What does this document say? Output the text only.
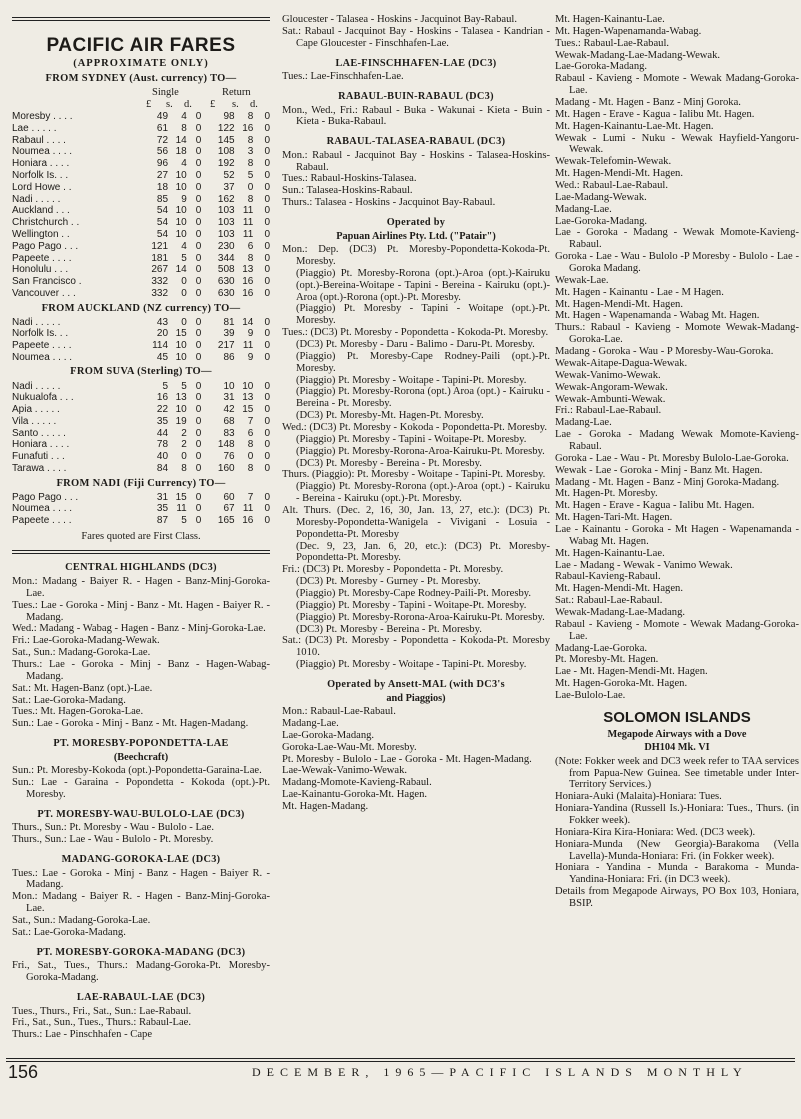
PACIFIC AIR FARES
(APPROXIMATE ONLY)
FROM SYDNEY (Aust. currency) TO—
Single	Return
£ s. d. £ s. d.
Moresby . . . .	49	4	0	98	8	0
Lae . . . . .	61	8	0	122	16	0
Rabaul . . . .	72	14	0	145	8	0
Noumea . . . .	56	18	0	108	3	0
Honiara . . . .	96	4	0	192	8	0
Norfolk Is. . .	27	10	0	52	5	0
Lord Howe . .	18	10	0	37	0	0
Nadi . . . . .	85	9	0	162	8	0
Auckland . . .	54	10	0	103	11	0
Christchurch . .	54	10	0	103	11	0
Wellington . .	54	10	0	103	11	0
Pago Pago . . .	121	4	0	230	6	0
Papeete . . . .	181	5	0	344	8	0
Honolulu . . .	267	14	0	508	13	0
San Francisco .	332	0	0	630	16	0
Vancouver . . .	332	0	0	630	16	0
FROM AUCKLAND (NZ currency) TO—
Nadi . . . . .	43	0	0	81	14	0
Norfolk Is. . .	20	15	0	39	9	0
Papeete . . . .	114	10	0	217	11	0
Noumea . . . .	45	10	0	86	9	0
FROM SUVA (Sterling) TO—
Nadi . . . . .	5	5	0	10	10	0
Nukualofa . . .	16	13	0	31	13	0
Apia . . . . .	22	10	0	42	15	0
Vila . . . . .	35	19	0	68	7	0
Santo . . . . .	44	2	0	83	6	0
Honiara . . . .	78	2	0	148	8	0
Funafuti . . .	40	0	0	76	0	0
Tarawa . . . .	84	8	0	160	8	0
FROM NADI (Fiji Currency) TO—
Pago Pago . . .	31	15	0	60	7	0
Noumea . . . .	35	11	0	67	11	0
Papeete . . . .	87	5	0	165	16	0
Fares quoted are First Class.
CENTRAL HIGHLANDS (DC3)
Mon.: Madang - Baiyer R. - Hagen - Banz-Minj-Goroka-Lae.
Tues.: Lae - Goroka - Minj - Banz - Mt. Hagen - Baiyer R. - Madang.
Wed.: Madang - Wabag - Hagen - Banz - Minj-Goroka-Lae.
Fri.: Lae-Goroka-Madang-Wewak.
Sat., Sun.: Madang-Goroka-Lae.
Thurs.: Lae - Goroka - Minj - Banz - Hagen-Wabag-Madang.
Sat.: Mt. Hagen-Banz (opt.)-Lae.
Sat.: Lae-Goroka-Madang.
Tues.: Mt. Hagen-Goroka-Lae.
Sun.: Lae - Goroka - Minj - Banz - Mt. Hagen-Madang.
PT. MORESBY-POPONDETTA-LAE
(Beechcraft)
Sun.: Pt. Moresby-Kokoda (opt.)-Popondetta-Garaina-Lae.
Sun.: Lae - Garaina - Popondetta - Kokoda (opt.)-Pt. Moresby.
PT. MORESBY-WAU-BULOLO-LAE (DC3)
Thurs., Sun.: Pt. Moresby - Wau - Bulolo - Lae.
Thurs., Sun.: Lae - Wau - Bulolo - Pt. Moresby.
MADANG-GOROKA-LAE (DC3)
Tues.: Lae - Goroka - Minj - Banz - Hagen - Baiyer R. - Madang.
Mon.: Madang - Baiyer R. - Hagen - Banz-Minj-Goroka-Lae.
Sat., Sun.: Madang-Goroka-Lae.
Sat.: Lae-Goroka-Madang.
PT. MORESBY-GOROKA-MADANG (DC3)
Fri., Sat., Tues., Thurs.: Madang-Goroka-Pt. Moresby-Goroka-Madang.
LAE-RABAUL-LAE (DC3)
Tues., Thurs., Fri., Sat., Sun.: Lae-Rabaul.
Fri., Sat., Sun., Tues., Thurs.: Rabaul-Lae.
Thurs.: Lae - Pinschhafen - Cape
Gloucester - Talasea - Hoskins - Jacquinot Bay-Rabaul.
Sat.: Rabaul - Jacquinot Bay - Hoskins - Talasea - Kandrian - Cape Gloucester - Finschhafen-Lae.
LAE-FINSCHHAFEN-LAE (DC3)
Tues.: Lae-Finschhafen-Lae.
RABAUL-BUIN-RABAUL (DC3)
Mon., Wed., Fri.: Rabaul - Buka - Wakunai - Kieta - Buin - Kieta - Buka-Rabaul.
RABAUL-TALASEA-RABAUL (DC3)
Mon.: Rabaul - Jacquinot Bay - Hoskins - Talasea-Hoskins-Rabaul.
Tues.: Rabaul-Hoskins-Talasea.
Sun.: Talasea-Hoskins-Rabaul.
Thurs.: Talasea - Hoskins - Jacquinot Bay-Rabaul.
Operated by
Papuan Airlines Pty. Ltd. ("Patair")
Mon.: Dep. (DC3) Pt. Moresby-Popondetta-Kokoda-Pt. Moresby.
(Piaggio) Pt. Moresby-Rorona (opt.)-Aroa (opt.)-Kairuku (opt.)-Bereina-Woitape - Tapini - Bereina - Kairuku (opt.)-Aroa (opt.)-Rorona (opt.)-Pt. Moresby.
(Piaggio) Pt. Moresby - Tapini - Woitape (opt.)-Pt. Moresby.
Tues.: (DC3) Pt. Moresby - Popondetta - Kokoda-Pt. Moresby.
(DC3) Pt. Moresby - Daru - Balimo - Daru-Pt. Moresby.
(Piaggio) Pt. Moresby-Cape Rodney-Paili (opt.)-Pt. Moresby.
(Piaggio) Pt. Moresby - Woitape - Tapini-Pt. Moresby.
(Piaggio) Pt. Moresby-Rorona (opt.) Aroa (opt.) - Kairuku - Bereina - Pt. Moresby.
(DC3) Pt. Moresby-Mt. Hagen-Pt. Moresby.
Wed.: (DC3) Pt. Moresby - Kokoda - Popondetta-Pt. Moresby.
(Piaggio) Pt. Moresby - Tapini - Woitape-Pt. Moresby.
(Piaggio) Pt. Moresby-Rorona-Aroa-Kairuku-Pt. Moresby.
(DC3) Pt. Moresby - Bereina - Pt. Moresby.
Thurs. (Piaggio): Pt. Moresby - Woitape - Tapini-Pt. Moresby.
(Piaggio) Pt. Moresby-Rorona (opt.)-Aroa (opt.) - Kairuku - Bereina - Kairuku (opt.)-Pt. Moresby.
Alt. Thurs. (Dec. 2, 16, 30, Jan. 13, 27, etc.): (DC3) Pt. Moresby-Popondetta-Wanigela - Vivigani - Losuia - Popondetta-Pt. Moresby
(Dec. 9, 23, Jan. 6, 20, etc.): (DC3) Pt. Moresby-Popondetta-Pt. Moresby.
Fri.: (DC3) Pt. Moresby - Popondetta - Pt. Moresby.
(DC3) Pt. Moresby - Gurney - Pt. Moresby.
(Piaggio) Pt. Moresby-Cape Rodney-Paili-Pt. Moresby.
(Piaggio) Pt. Moresby - Tapini - Woitape-Pt. Moresby.
(Piaggio) Pt. Moresby-Rorona-Aroa-Kairuku-Pt. Moresby.
(DC3) Pt. Moresby - Bereina - Pt. Moresby.
Sat.: (DC3) Pt. Moresby - Popondetta - Kokoda-Pt. Moresby 1010.
(Piaggio) Pt. Moresby - Woitape - Tapini-Pt. Moresby.
Operated by Ansett-MAL (with DC3's
and Piaggios)
Mon.: Rabaul-Lae-Rabaul.
Madang-Lae.
Lae-Goroka-Madang.
Goroka-Lae-Wau-Mt. Moresby.
Pt. Moresby - Bulolo - Lae - Goroka - Mt. Hagen-Madang.
Lae-Wewak-Vanimo-Wewak.
Madang-Momote-Kavieng-Rabaul.
Lae-Kainantu-Goroka-Mt. Hagen.
Mt. Hagen-Madang.
Mt. Hagen-Kainantu-Lae.
Mt. Hagen-Wapenamanda-Wabag.
Tues.: Rabaul-Lae-Rabaul.
Wewak-Madang-Lae-Madang-Wewak.
Lae-Goroka-Madang.
Rabaul - Kavieng - Momote - Wewak Madang-Goroka-Lae.
Madang - Mt. Hagen - Banz - Minj Goroka.
Mt. Hagen - Erave - Kagua - Ialibu Mt. Hagen.
Mt. Hagen-Kainantu-Lae-Mt. Hagen.
Wewak - Lumi - Nuku - Wewak Hayfield-Yangoru-Wewak.
Wewak-Telefomin-Wewak.
Mt. Hagen-Mendi-Mt. Hagen.
Wed.: Rabaul-Lae-Rabaul.
Lae-Madang-Wewak.
Madang-Lae.
Lae-Goroka-Madang.
Lae - Goroka - Madang - Wewak Momote-Kavieng-Rabaul.
Goroka - Lae - Wau - Bulolo -P Moresby - Bulolo - Lae - Goroka Madang.
Wewak-Lae.
Mt. Hagen - Kainantu - Lae - M Hagen.
Mt. Hagen-Mendi-Mt. Hagen.
Mt. Hagen - Wapenamanda - Wabag Mt. Hagen.
Thurs.: Rabaul - Kavieng - Momote Wewak-Madang-Goroka-Lae.
Madang - Goroka - Wau - P Moresby-Wau-Goroka.
Wewak-Aitape-Dagua-Wewak.
Wewak-Vanimo-Wewak.
Wewak-Angoram-Wewak.
Wewak-Ambunti-Wewak.
Fri.: Rabaul-Lae-Rabaul.
Madang-Lae.
Lae - Goroka - Madang Wewak Momote-Kavieng-Rabaul.
Goroka - Lae - Wau - Pt. Moresby Bulolo-Lae-Goroka.
Wewak - Lae - Goroka - Minj - Banz Mt. Hagen.
Madang - Mt. Hagen - Banz - Minj Goroka-Madang.
Mt. Hagen-Pt. Moresby.
Mt. Hagen - Erave - Kagua - Ialibu Mt. Hagen.
Mt. Hagen-Tari-Mt. Hagen.
Lae - Kainantu - Goroka - Mt Hagen - Wapenamanda - Wabag Mt. Hagen.
Mt. Hagen-Kainantu-Lae.
Lae - Madang - Wewak - Vanimo Wewak.
Rabaul-Kavieng-Rabaul.
Mt. Hagen-Mendi-Mt. Hagen.
Sat.: Rabaul-Lae-Rabaul.
Wewak-Madang-Lae-Madang.
Rabaul - Kavieng - Momote - Wewak Madang-Goroka-Lae.
Madang-Lae-Goroka.
Pt. Moresby-Mt. Hagen.
Lae - Mt. Hagen-Mendi-Mt. Hagen.
Mt. Hagen-Goroka-Mt. Hagen.
Lae-Bulolo-Lae.
SOLOMON ISLANDS
Megapode Airways with a Dove
DH104 Mk. VI
(Note: Fokker week and DC3 week refer to TAA services from Papua-New Guinea. See timetable under Inter-Territory Services.)
Honiara-Auki (Malaita)-Honiara: Tues.
Honiara-Yandina (Russell Is.)-Honiara: Tues., Thurs. (in Fokker week).
Honiara-Kira Kira-Honiara: Wed. (DC3 week).
Honiara-Munda (New Georgia)-Barakoma (Vella Lavella)-Munda-Honiara: Fri. (in Fokker week).
Honiara - Yandina - Munda - Barakoma - Munda-Yandina-Honiara: Fri. (in DC3 week).
Details from Megapode Airways, PO Box 103, Honiara, BSIP.
156	DECEMBER, 1965—PACIFIC ISLANDS MONTHLY
